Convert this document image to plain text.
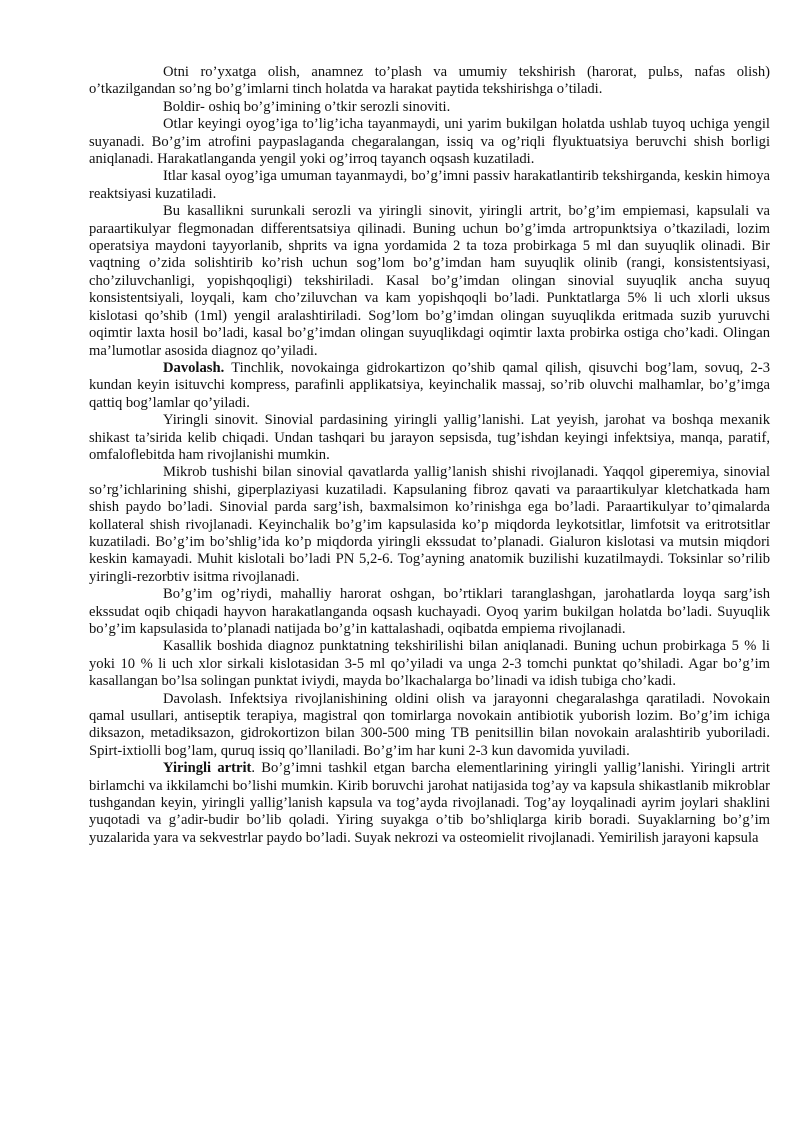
Otni ro’yxatga olish, anamnez to’plash va umumiy tekshirish (harorat, pulьs, nafas olish) o’tkazilgandan so’ng bo’g’imlarni tinch holatda va harakat paytida tekshirishga o’tiladi.

Boldir- oshiq bo’g’imining o’tkir serozli sinoviti.

Otlar keyingi oyog’iga to’lig’icha tayanmaydi, uni yarim bukilgan holatda ushlab tuyoq uchiga yengil suyanadi. Bo’g’im atrofini paypaslaganda chegaralangan, issiq va og’riqli flyuktuatsiya beruvchi shish borligi aniqlanadi. Harakatlanganda yengil yoki og’irroq tayanch oqsash kuzatiladi.

Itlar kasal oyog’iga umuman tayanmaydi, bo’g’imni passiv harakatlantirib tekshirganda, keskin himoya reaktsiyasi kuzatiladi.

Bu kasallikni surunkali serozli va yiringli sinovit, yiringli artrit, bo’g’im empiemasi, kapsulali va paraartikulyar flegmonadan differentsatsiya qilinadi. Buning uchun bo’g’imda artropunktsiya o’tkaziladi, lozim operatsiya maydoni tayyorlanib, shprits va igna yordamida 2 ta toza probirkaga 5 ml dan suyuqlik olinadi. Bir vaqtning o’zida solishtirib ko’rish uchun sog’lom bo’g’imdan ham suyuqlik olinib (rangi, konsistentsiyasi, cho’ziluvchanligi, yopishqoqligi) tekshiriladi. Kasal bo’g’imdan olingan sinovial suyuqlik ancha suyuq konsistentsiyali, loyqali, kam cho’ziluvchan va kam yopishqoqli bo’ladi. Punktatlarga 5% li uch xlorli uksus kislotasi qo’shib (1ml) yengil aralashtiriladi. Sog’lom bo’g’imdan olingan suyuqlikda eritmada suzib yuruvchi oqimtir laxta hosil bo’ladi, kasal bo’g’imdan olingan suyuqlikdagi oqimtir laxta probirka ostiga cho’kadi. Olingan ma’lumotlar asosida diagnoz qo’yiladi.

Davolash. Tinchlik, novokainga gidrokartizon qo’shib qamal qilish, qisuvchi bog’lam, sovuq, 2-3 kundan keyin isituvchi kompress, parafinli applikatsiya, keyinchalik massaj, so’rib oluvchi malhamlar, bo’g’imga qattiq bog’lamlar qo’yiladi.

Yiringli sinovit. Sinovial pardasining yiringli yallig’lanishi. Lat yeyish, jarohat va boshqa mexanik shikast ta’sirida kelib chiqadi. Undan tashqari bu jarayon sepsisda, tug’ishdan keyingi infektsiya, manqa, paratif, omfaloflebitda ham rivojlanishi mumkin.

Mikrob tushishi bilan sinovial qavatlarda yallig’lanish shishi rivojlanadi. Yaqqol giperemiya, sinovial so’rg’ichlarining shishi, giperplaziyasi kuzatiladi. Kapsulaning fibroz qavati va paraartikulyar kletchatkada ham shish paydo bo’ladi. Sinovial parda sarg’ish, baxmalsimon ko’rinishga ega bo’ladi. Paraartikulyar to’qimalarda kollateral shish rivojlanadi. Keyinchalik bo’g’im kapsulasida ko’p miqdorda leykotsitlar, limfotsit va eritrotsitlar kuzatiladi. Bo’g’im bo’shlig’ida ko’p miqdorda yiringli ekssudat to’planadi. Gialuron kislotasi va mutsin miqdori keskin kamayadi. Muhit kislotali bo’ladi PN 5,2-6. Tog’ayning anatomik buzilishi kuzatilmaydi. Toksinlar so’rilib yiringli-rezorbtiv isitma rivojlanadi.

Bo’g’im og’riydi, mahalliy harorat oshgan, bo’rtiklari taranglashgan, jarohatlarda loyqa sarg’ish ekssudat oqib chiqadi hayvon harakatlanganda oqsash kuchayadi. Oyoq yarim bukilgan holatda bo’ladi. Suyuqlik bo’g’im kapsulasida to’planadi natijada bo’g’in kattalashadi, oqibatda empiema rivojlanadi.

Kasallik boshida diagnoz punktatning tekshirilishi bilan aniqlanadi. Buning uchun probirkaga 5 % li yoki 10 % li uch xlor sirkali kislotasidan 3-5 ml qo’yiladi va unga 2-3 tomchi punktat qo’shiladi. Agar bo’g’im kasallangan bo’lsa solingan punktat iviydi, mayda bo’lkachalarga bo’linadi va idish tubiga cho’kadi.

Davolash. Infektsiya rivojlanishining oldini olish va jarayonni chegaralashga qaratiladi. Novokain qamal usullari, antiseptik terapiya, magistral qon tomirlarga novokain antibiotik yuborish lozim. Bo’g’im ichiga diksazon, metadiksazon, gidrokortizon bilan 300-500 ming TB penitsillin bilan novokain aralashtirib yuboriladi. Spirt-ixtiolli bog’lam, quruq issiq qo’llaniladi. Bo’g’im har kuni 2-3 kun davomida yuviladi.

Yiringli artrit. Bo’g’imni tashkil etgan barcha elementlarining yiringli yallig’lanishi. Yiringli artrit birlamchi va ikkilamchi bo’lishi mumkin. Kirib boruvchi jarohat natijasida tog’ay va kapsula shikastlanib mikroblar tushgandan keyin, yiringli yallig’lanish kapsula va tog’ayda rivojlanadi. Tog’ay loyqalinadi ayrim joylari shaklini yuqotadi va g’adir-budir bo’lib qoladi. Yiring suyakga o’tib bo’shliqlarga kirib boradi. Suyaklarning bo’g’im yuzalarida yara va sekvestrlar paydo bo’ladi. Suyak nekrozi va osteomielit rivojlanadi. Yemirilish jarayoni kapsula
